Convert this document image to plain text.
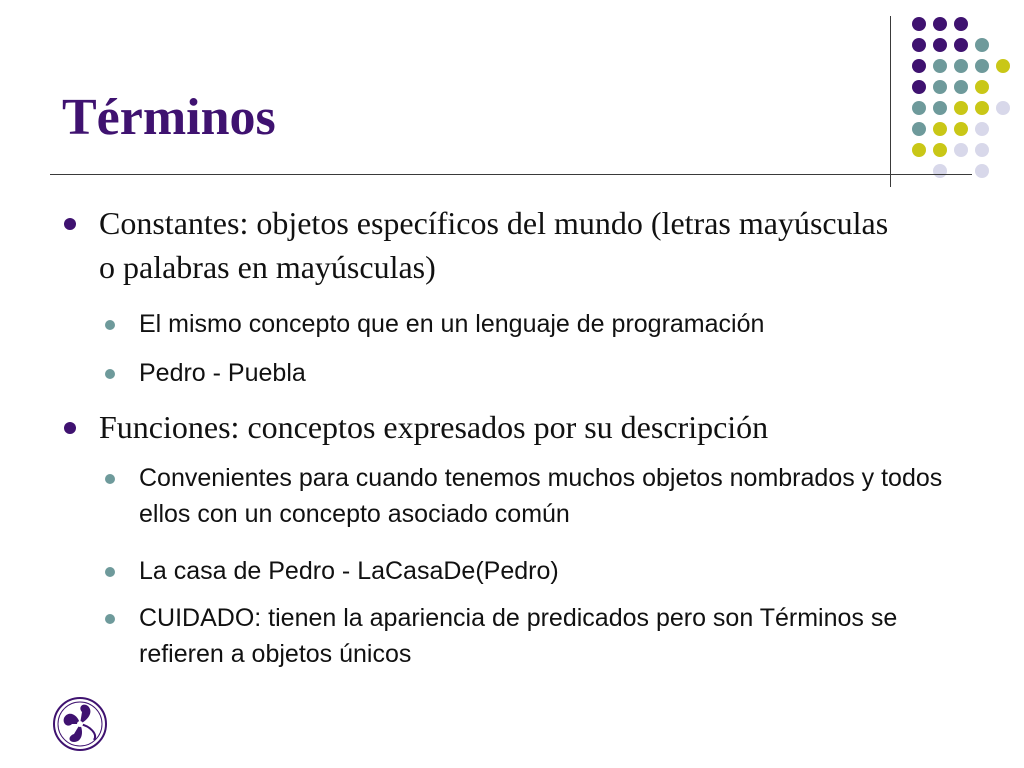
Términos
Constantes: objetos específicos del mundo (letras mayúsculas o palabras en mayúsculas)
El mismo concepto que en un lenguaje de programación
Pedro - Puebla
Funciones: conceptos expresados por su descripción
Convenientes para cuando tenemos muchos objetos nombrados y todos ellos con un concepto asociado común
La casa de Pedro - LaCasaDe(Pedro)
CUIDADO: tienen la apariencia de predicados pero son Términos se refieren a objetos únicos
